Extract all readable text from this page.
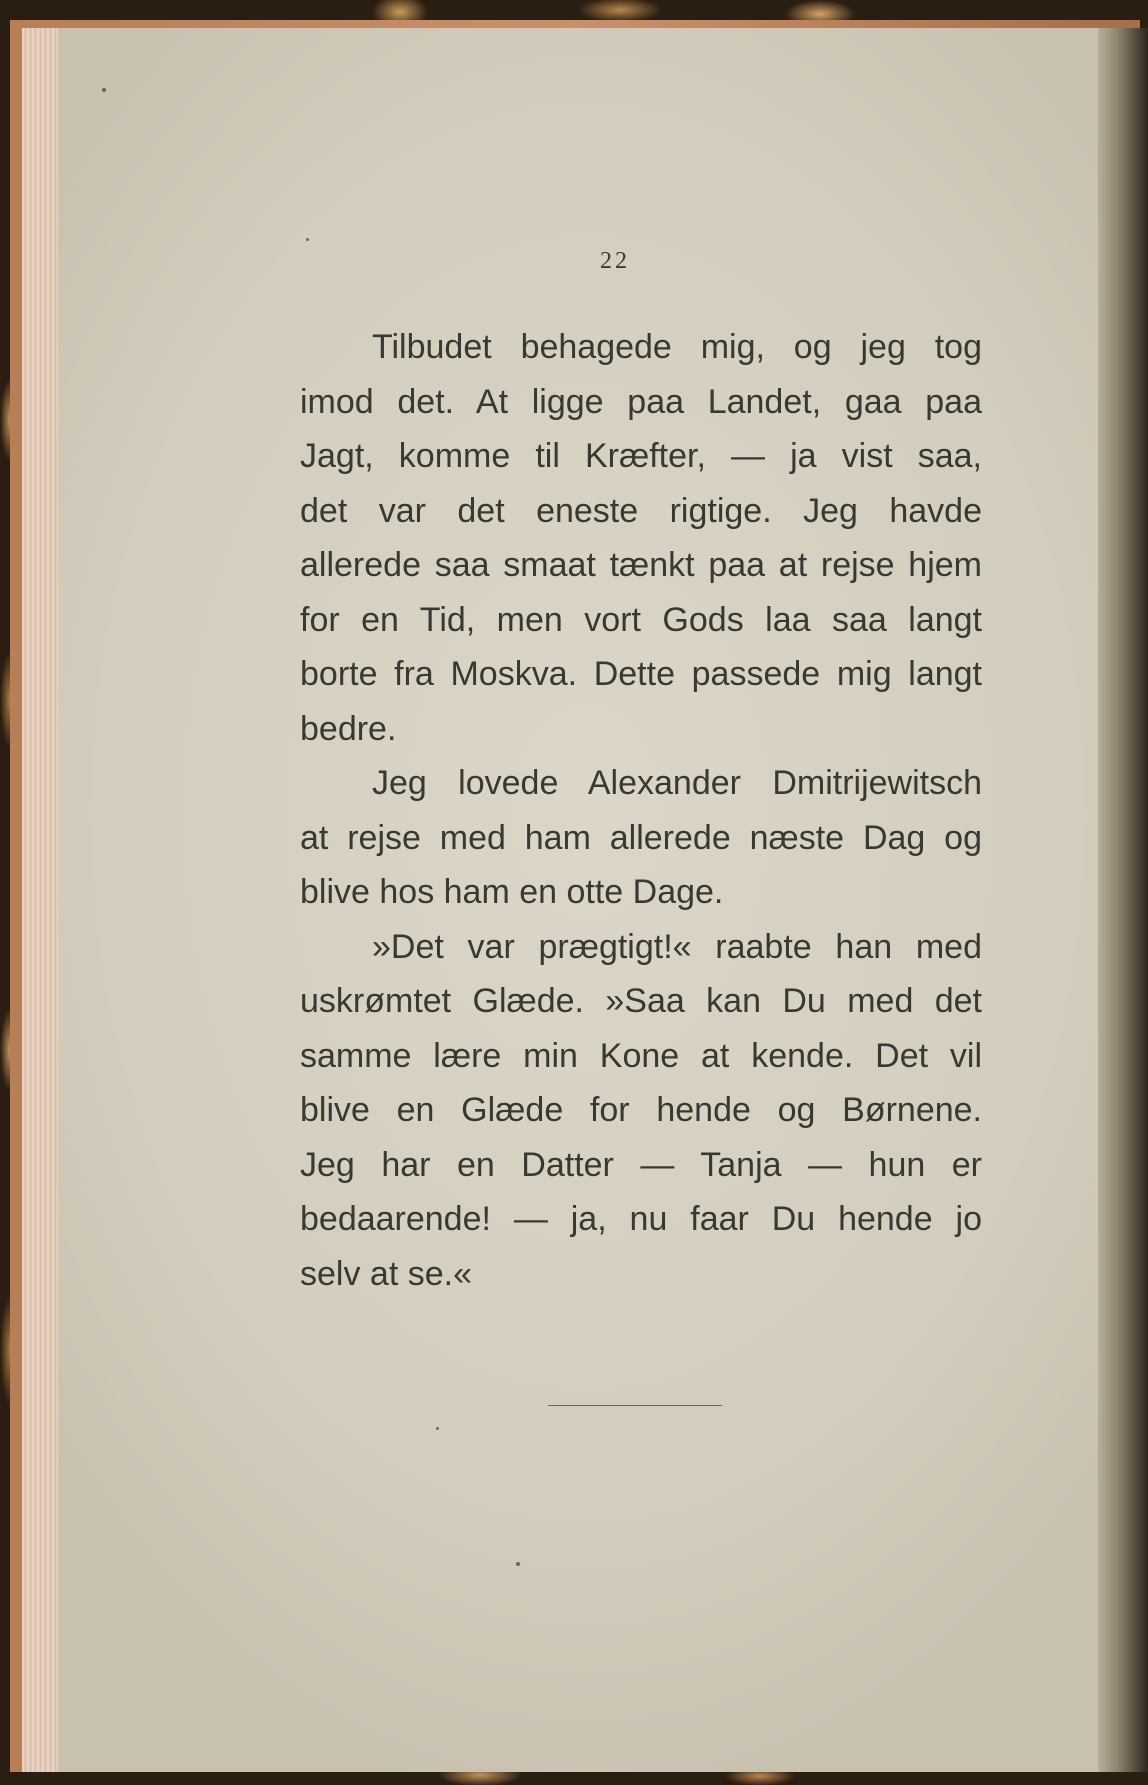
22
Tilbudet behagede mig, og jeg tog
imod det. At ligge paa Landet, gaa paa
Jagt, komme til Kræfter, — ja vist saa,
det var det eneste rigtige. Jeg havde
allerede saa smaat tænkt paa at rejse hjem
for en Tid, men vort Gods laa saa langt
borte fra Moskva. Dette passede mig langt
bedre.
Jeg lovede Alexander Dmitrijewitsch
at rejse med ham allerede næste Dag og
blive hos ham en otte Dage.
»Det var prægtigt!« raabte han med
uskrømtet Glæde. »Saa kan Du med det
samme lære min Kone at kende. Det vil
blive en Glæde for hende og Børnene.
Jeg har en Datter — Tanja — hun er
bedaarende! — ja, nu faar Du hende jo
selv at se.«
